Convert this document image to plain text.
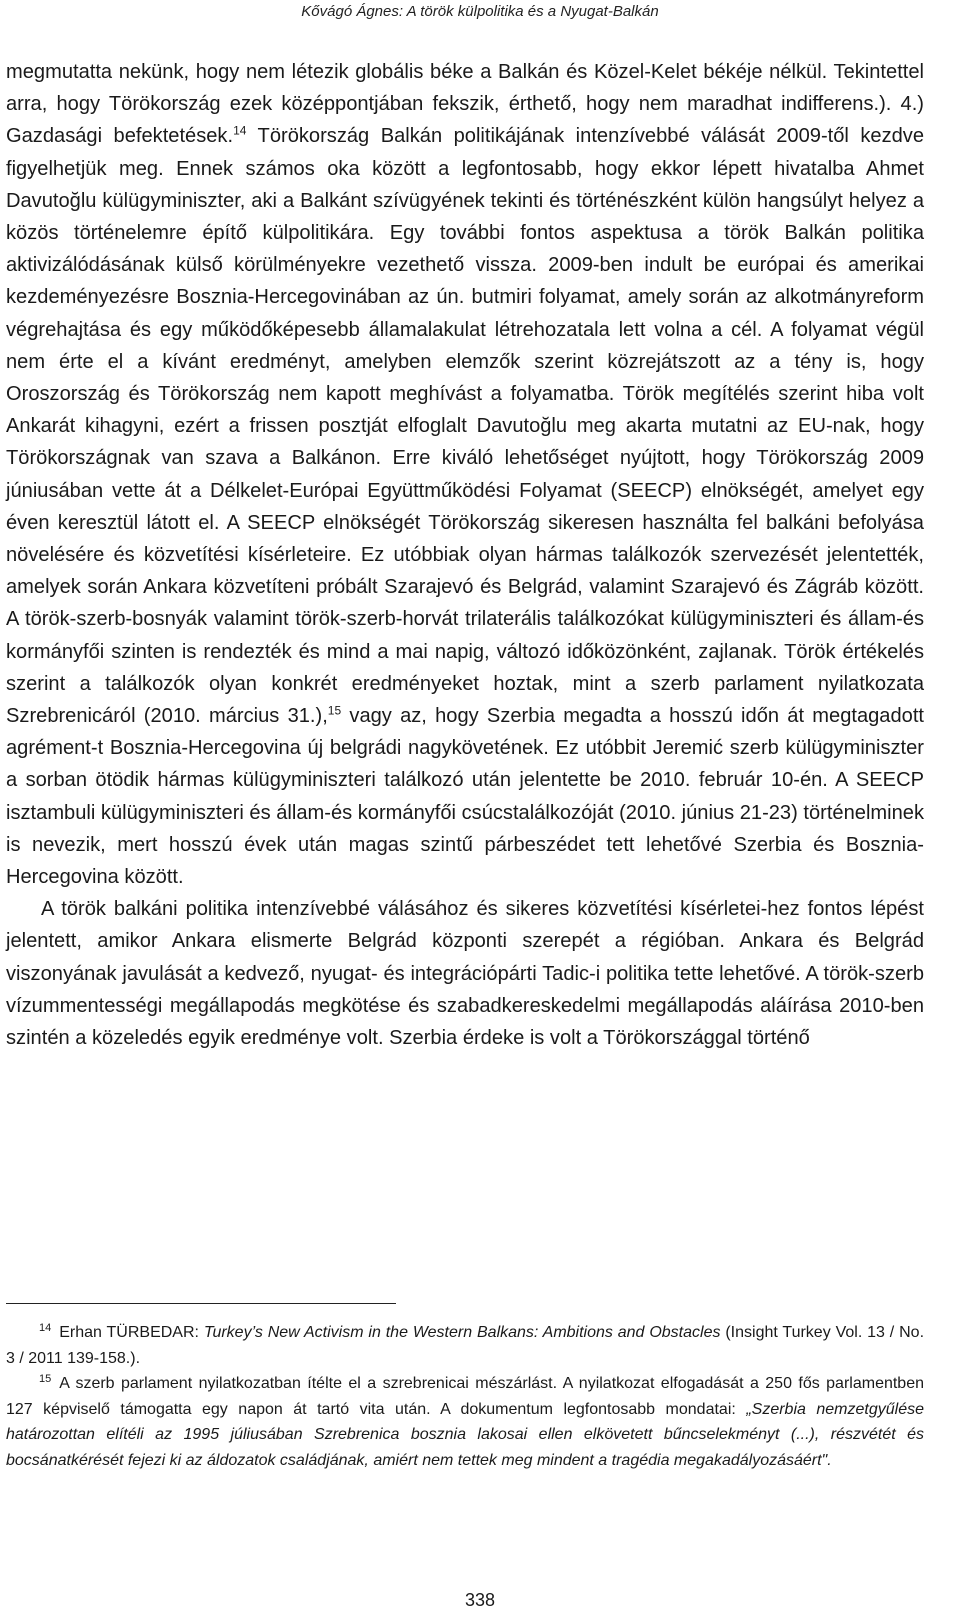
Kővágó Ágnes: A török külpolitika és a Nyugat-Balkán

megmutatta nekünk, hogy nem létezik globális béke a Balkán és Közel-Kelet békéje nélkül. Tekintettel arra, hogy Törökország ezek középpontjában fekszik, érthető, hogy nem maradhat indifferens.). 4.) Gazdasági befektetések.$^{14}$ Törökország Balkán politikájának intenzívebbé válását 2009-től kezdve figyelhetjük meg. Ennek számos oka között a legfontosabb, hogy ekkor lépett hivatalba Ahmet Davutoğlu külügyminiszter, aki a Balkánt szívügyének tekinti és történészként külön hangsúlyt helyez a közös történelemre építő külpolitikára. Egy további fontos aspektusa a török Balkán politika aktivizálódásának külső körülményekre vezethető vissza. 2009-ben indult be európai és amerikai kezdeményezésre Bosznia-Hercegovinában az ún. butmiri folyamat, amely során az alkotmányreform végrehajtása és egy működőképesebb államalakulat létrehozatala lett volna a cél. A folyamat végül nem érte el a kívánt eredményt, amelyben elemzők szerint közrejátszott az a tény is, hogy Oroszország és Törökország nem kapott meghívást a folyamatba. Török megítélés szerint hiba volt Ankarát kihagyni, ezért a frissen posztját elfoglalt Davutoğlu meg akarta mutatni az EU-nak, hogy Törökországnak van szava a Balkánon. Erre kiváló lehetőséget nyújtott, hogy Törökország 2009 júniusában vette át a Délkelet-Európai Együttműködési Folyamat (SEECP) elnökségét, amelyet egy éven keresztül látott el. A SEECP elnökségét Törökország sikeresen használta fel balkáni befolyása növelésére és közvetítési kísérleteire. Ez utóbbiak olyan hármas találkozók szervezését jelentették, amelyek során Ankara közvetíteni próbált Szarajevó és Belgrád, valamint Szarajevó és Zágráb között. A török-szerb-bosnyák valamint török-szerb-horvát trilaterális találkozókat külügyminiszteri és állam-és kormányfői szinten is rendezték és mind a mai napig, változó időközönként, zajlanak. Török értékelés szerint a találkozók olyan konkrét eredményeket hoztak, mint a szerb parlament nyilatkozata Szrebrenicáról (2010. március 31.),$^{15}$ vagy az, hogy Szerbia megadta a hosszú időn át megtagadott agrément-t Bosznia-Hercegovina új belgrádi nagykövetének. Ez utóbbit Jeremić szerb külügyminiszter a sorban ötödik hármas külügyminiszteri találkozó után jelentette be 2010. február 10-én. A SEECP isztambuli külügyminiszteri és állam-és kormányfői csúcstalálkozóját (2010. június 21-23) történelminek is nevezik, mert hosszú évek után magas szintű párbeszédet tett lehetővé Szerbia és Bosznia-Hercegovina között.

A török balkáni politika intenzívebbé válásához és sikeres közvetítési kísérletei-hez fontos lépést jelentett, amikor Ankara elismerte Belgrád központi szerepét a régióban. Ankara és Belgrád viszonyának javulását a kedvező, nyugat- és integrációpárti Tadic-i politika tette lehetővé. A török-szerb vízummentességi megállapodás megkötése és szabadkereskedelmi megállapodás aláírása 2010-ben szintén a közeledés egyik eredménye volt. Szerbia érdeke is volt a Törökországgal történő

$^{14}$ Erhan TÜRBEDAR: Turkey’s New Activism in the Western Balkans: Ambitions and Obstacles (Insight Turkey Vol. 13 / No. 3 / 2011 139-158.).

$^{15}$ A szerb parlament nyilatkozatban ítélte el a szrebrenicai mészárlást. A nyilatkozat elfogadását a 250 fős parlamentben 127 képviselő támogatta egy napon át tartó vita után. A dokumentum legfontosabb mondatai: „Szerbia nemzetgyűlése határozottan elítéli az 1995 júliusában Szrebrenica bosznia lakosai ellen elkövetett bűncselekményt (...), részvétét és bocsánatkérését fejezi ki az áldozatok családjának, amiért nem tettek meg mindent a tragédia megakadályozásáért".

338
